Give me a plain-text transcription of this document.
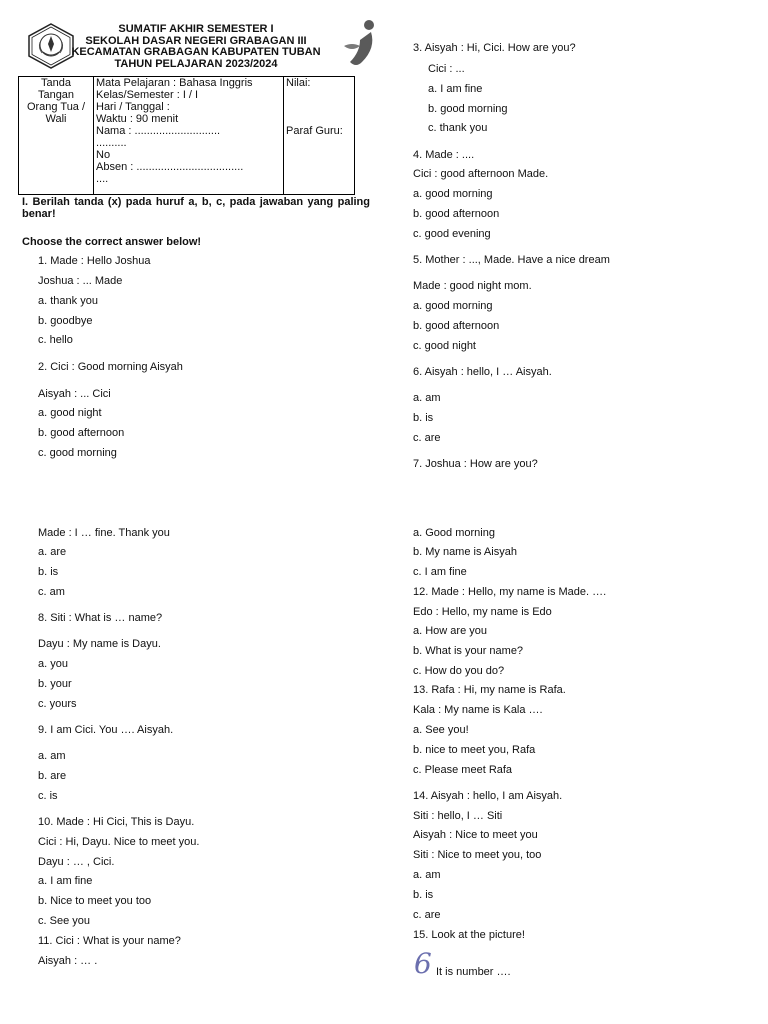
SUMATIF AKHIR SEMESTER I
SEKOLAH DASAR NEGERI GRABAGAN III
KECAMATAN GRABAGAN KABUPATEN TUBAN
TAHUN PELAJARAN 2023/2024
Tanda
Tangan
Orang Tua /
Wali

Mata Pelajaran : Bahasa Inggris
Kelas/Semester : I / I
Hari / Tanggal :
Waktu : 90 menit
Nama : ............................
..........
No
Absen : ...................................
....

Nilai:
Paraf Guru:
I. Berilah tanda (x) pada huruf a, b, c, pada jawaban yang paling benar!
Choose the correct answer below!
1. Made : Hello Joshua
Joshua : ... Made
a. thank you
b. goodbye
c. hello
2. Cici : Good morning Aisyah
Aisyah : ... Cici
a. good night
b. good afternoon
c. good morning
Made : I … fine. Thank you
a. are
b. is
c. am
8. Siti : What is … name?
Dayu : My name is Dayu.
a. you
b. your
c. yours
9. I am Cici. You …. Aisyah.
a. am
b. are
c. is
10. Made : Hi Cici, This is Dayu.
Cici : Hi, Dayu. Nice to meet you.
Dayu : … , Cici.
a. I am fine
b. Nice to meet you too
c. See you
11. Cici : What is your name?
Aisyah : … .
3. Aisyah : Hi, Cici. How are you?
Cici : ...
a. I am fine
b. good morning
c. thank you
4. Made : ....
Cici : good afternoon Made.
a. good morning
b. good afternoon
c. good evening
5. Mother : ..., Made. Have a nice dream
Made : good night mom.
a. good morning
b. good afternoon
c. good night
6. Aisyah : hello, I … Aisyah.
a. am
b. is
c. are
7. Joshua : How are you?
a. Good morning
b. My name is Aisyah
c. I am fine
12. Made : Hello, my name is Made. ….
Edo : Hello, my name is Edo
a. How are you
b. What is your name?
c. How do you do?
13. Rafa : Hi, my name is Rafa.
Kala : My name is Kala ….
a. See you!
b. nice to meet you, Rafa
c. Please meet Rafa
14. Aisyah : hello, I am Aisyah.
Siti : hello, I … Siti
Aisyah : Nice to meet you
Siti : Nice to meet you, too
a. am
b. is
c. are
15. Look at the picture!
It is number ….
6
